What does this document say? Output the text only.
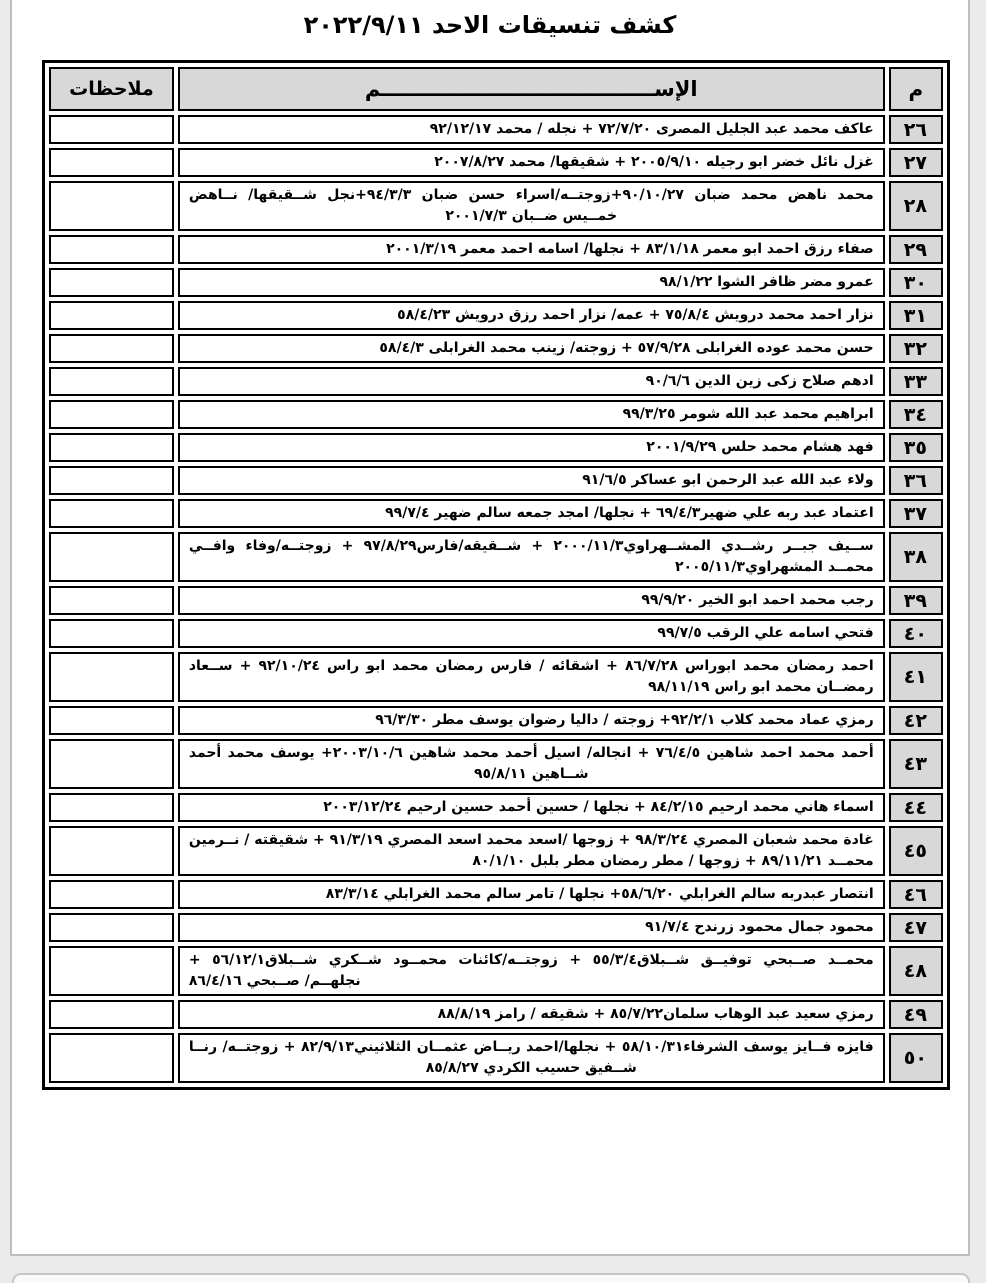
كشف تنسيقات الاحد ٢٠٢٢/٩/١١
م	الإســــــــــــــــــــــــــــــــــــــم	ملاحظات
٢٦	عاكف محمد عبد الجليل المصرى ٧٢/٧/٢٠ + نجله / محمد ٩٢/١٢/١٧	
٢٧	غزل نائل خضر ابو رجيله ٢٠٠٥/٩/١٠ + شقيقها/ محمد ٢٠٠٧/٨/٢٧	
٢٨	محمد ناهض محمد ضبان ٩٠/١٠/٢٧+زوجتــه/اسراء حسن ضبان ٩٤/٣/٣+نجل شــقيقها/ نــاهض خمــيس ضــبان ٢٠٠١/٧/٣	
٢٩	صفاء رزق احمد ابو معمر ٨٣/١/١٨ + نجلها/ اسامه احمد معمر ٢٠٠١/٣/١٩	
٣٠	عمرو مضر ظافر الشوا ٩٨/١/٢٢	
٣١	نزار احمد محمد درويش ٧٥/٨/٤ + عمه/ نزار احمد رزق درويش ٥٨/٤/٢٣	
٣٢	حسن محمد عوده الغرابلى ٥٧/٩/٢٨ + زوجته/ زينب محمد الغرابلى ٥٨/٤/٣	
٣٣	ادهم صلاح زكى زين الدين ٩٠/٦/٦	
٣٤	ابراهيم محمد عبد الله شومر ٩٩/٣/٢٥	
٣٥	فهد هشام محمد حلس ٢٠٠١/٩/٢٩	
٣٦	ولاء عبد الله عبد الرحمن ابو عساكر ٩١/٦/٥	
٣٧	اعتماد عبد ربه علي ضهير٦٩/٤/٣ + نجلها/ امجد جمعه سالم ضهير ٩٩/٧/٤	
٣٨	ســيف جبــر رشــدي المشــهراوي٢٠٠٠/١١/٣ + شــقيقه/فارس٩٧/٨/٢٩ + زوجتــه/وفاء وافــي محمــد المشهراوي٢٠٠٥/١١/٣	
٣٩	رجب محمد احمد ابو الخير ٩٩/٩/٢٠	
٤٠	فتحي اسامه علي الرقب ٩٩/٧/٥	
٤١	احمد رمضان محمد ابوراس ٨٦/٧/٢٨ + اشقائه / فارس رمضان محمد ابو راس ٩٢/١٠/٢٤ + ســعاد رمضــان محمد ابو راس ٩٨/١١/١٩	
٤٢	رمزي عماد محمد كلاب ٩٢/٢/١+ زوجته / داليا رضوان يوسف مطر ٩٦/٣/٣٠	
٤٣	أحمد محمد احمد شاهين ٧٦/٤/٥ + انجاله/ اسيل أحمد محمد شاهين ٢٠٠٣/١٠/٦+ يوسف محمد أحمد شــاهين ٩٥/٨/١١	
٤٤	اسماء هاني محمد ارحيم ٨٤/٢/١٥ + نجلها / حسين أحمد حسين ارحيم ٢٠٠٣/١٢/٢٤	
٤٥	غادة محمد شعبان المصري ٩٨/٣/٢٤ + زوجها /اسعد محمد اسعد المصري ٩١/٣/١٩ + شقيقته / نــرمين محمــد ٨٩/١١/٢١ + زوجها / مطر رمضان مطر بلبل ٨٠/١/١٠	
٤٦	انتصار عبدربه سالم الغرابلي ٥٨/٦/٢٠+ نجلها / تامر سالم محمد الغرابلي ٨٣/٣/١٤	
٤٧	محمود جمال محمود زرندح ٩١/٧/٤	
٤٨	محمــد صــبحي توفيــق شــبلاق٥٥/٣/٤ + زوجتــه/كائنات محمــود شــكري شــبلاق٥٦/١٢/١ + نجلهــم/ صــبحي ٨٦/٤/١٦	
٤٩	رمزي سعيد عبد الوهاب سلمان٨٥/٧/٢٢ + شقيقه / رامز ٨٨/٨/١٩	
٥٠	فايزه فــايز يوسف الشرفاء٥٨/١٠/٣١ + نجلها/احمد ريــاض عثمــان الثلاثيني٨٢/٩/١٣ + زوجتــه/ رنــا شــفيق حسيب الكردي ٨٥/٨/٢٧	
